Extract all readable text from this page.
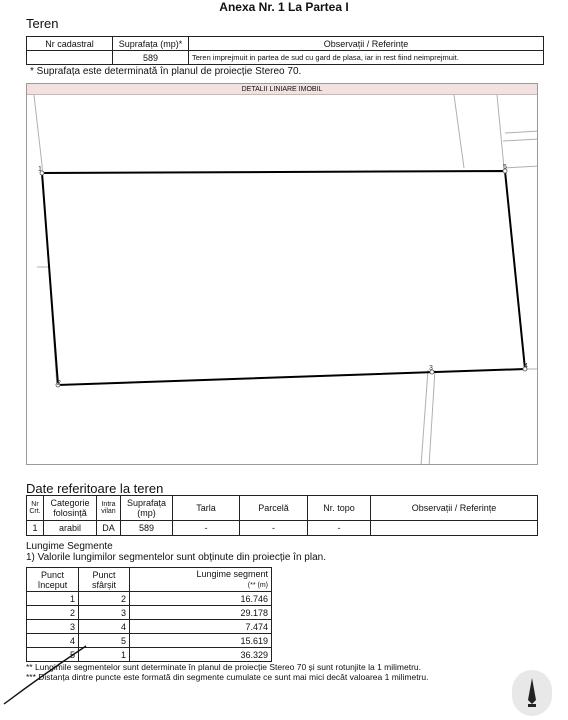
Anexa Nr. 1 La Partea I
Teren
Nr cadastral	Suprafața (mp)*	Observații / Referințe
	589	Teren imprejmuit in partea de sud cu gard de plasa, iar in rest fiind neimprejmuit.
* Suprafața este determinată în planul de proiecție Stereo 70.
DETALII LINIARE IMOBIL
1
2
3	4
5
Date referitoare la teren
Nr Crt.	Categorie folosință	Intra vilan	Suprafața (mp)	Tarla	Parcelă	Nr. topo	Observații / Referințe
1	arabil	DA	589	-	-	-	
Lungime Segmente
1) Valorile lungimilor segmentelor sunt obținute din proiecție în plan.
Punct început	Punct sfârșit	Lungime segment
(** (m)
1	2	16.746
2	3	29.178
3	4	7.474
4	5	15.619
5	1	36.329
** Lungimile segmentelor sunt determinate în planul de proiecție Stereo 70 și sunt rotunjite la 1 milimetru.
*** Distanța dintre puncte este formată din segmente cumulate ce sunt mai mici decât valoarea 1 milimetru.
